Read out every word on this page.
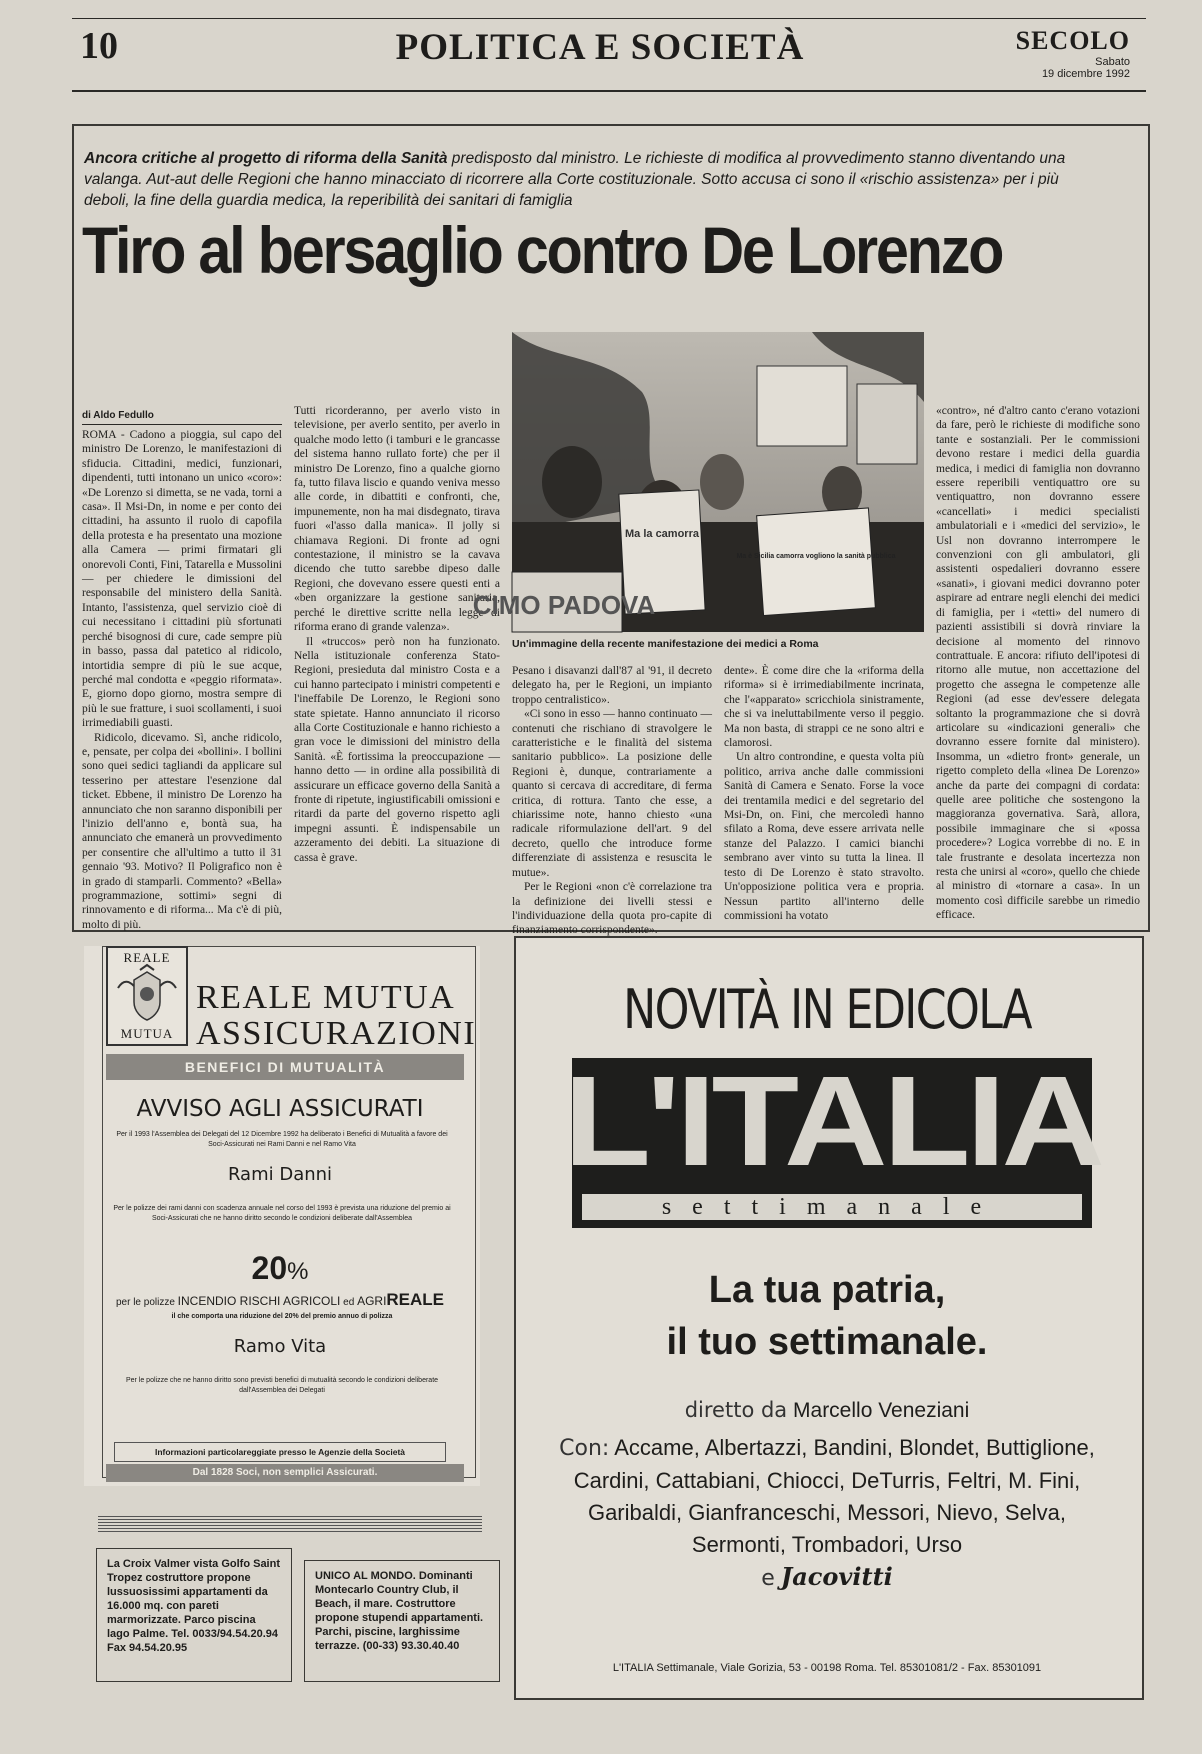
10	POLITICA E SOCIETÀ	SECOLO
Sabato
19 dicembre 1992
Ancora critiche al progetto di riforma della Sanità predisposto dal ministro. Le richieste di modifica al provvedimento stanno diventando una valanga. Aut-aut delle Regioni che hanno minacciato di ricorrere alla Corte costituzionale. Sotto accusa ci sono il «rischio assistenza» per i più deboli, la fine della guardia medica, la reperibilità dei sanitari di famiglia
Tiro al bersaglio contro De Lorenzo
di Aldo Fedullo

ROMA - Cadono a pioggia, sul capo del ministro De Lorenzo, le manifestazioni di sfiducia. Cittadini, medici, funzionari, dipendenti, tutti intonano un unico «coro»: «De Lorenzo si dimetta, se ne vada, torni a casa». Il Msi-Dn, in nome e per conto dei cittadini, ha assunto il ruolo di capofila della protesta e ha presentato una mozione alla Camera — primi firmatari gli onorevoli Conti, Fini, Tatarella e Mussolini — per chiedere le dimissioni del responsabile del ministero della Sanità. Intanto, l'assistenza, quel servizio cioè di cui necessitano i cittadini più sfortunati perché bisognosi di cure, cade sempre più in basso, passa dal patetico al ridicolo, intortidia sempre di più le sue acque, perché mal condotta e «peggio riformata». E, giorno dopo giorno, mostra sempre di più le sue fratture, i suoi scollamenti, i suoi irrimediabili guasti.

Ridicolo, dicevamo. Sì, anche ridicolo, e, pensate, per colpa dei «bollini». I bollini sono quei sedici tagliandi da applicare sul tesserino per attestare l'esenzione dal ticket. Ebbene, il ministro De Lorenzo ha annunciato che non saranno disponibili per l'inizio dell'anno e, bontà sua, ha annunciato che emanerà un provvedimento per consentire che all'ultimo a tutto il 31 gennaio '93. Motivo? Il Poligrafico non è in grado di stamparli. Commento? «Bella» programmazione, sottimi» segni di rinnovamento e di riforma... Ma c'è di più, molto di più.

Tutti ricorderanno, per averlo visto in televisione, per averlo sentito, per averlo in qualche modo letto (i tamburi e le grancasse del sistema hanno rullato forte) che per il ministro De Lorenzo, fino a qualche giorno fa, tutto filava liscio e quando veniva messo alle corde, in dibattiti e confronti, che, impunemente, non ha mai disdegnato, tirava fuori «l'asso dalla manica». Il jolly si chiamava Regioni. Di fronte ad ogni contestazione, il ministro se la cavava dicendo che tutto sarebbe dipeso dalle Regioni, che dovevano essere questi enti a «ben organizzare la gestione sanitaria, perché le direttive scritte nella legge di riforma erano di grande valenza».

Il «truccos» però non ha funzionato. Nella istituzionale conferenza Stato-Regioni, presieduta dal ministro Costa e a cui hanno partecipato i ministri competenti e l'ineffabile De Lorenzo, le Regioni sono state spietate. Hanno annunciato il ricorso alla Corte Costituzionale e hanno richiesto a gran voce le dimissioni del ministro della Sanità. «È fortissima la preoccupazione — hanno detto — in ordine alla possibilità di assicurare un efficace governo della Sanità a fronte di ripetute, ingiustificabili omissioni e ritardi da parte del governo rispetto agli impegni assunti. È indispensabile un azzeramento dei debiti. La situazione di cassa è grave.

Ma la camorra
Ma è Sicilia camorra vogliono la sanità pubblica
CIMO PADOVA
Un'immagine della recente manifestazione dei medici a Roma

Pesano i disavanzi dall'87 al '91, il decreto delegato ha, per le Regioni, un impianto troppo centralistico».

«Ci sono in esso — hanno continuato — contenuti che rischiano di stravolgere le caratteristiche e le finalità del sistema sanitario pubblico». La posizione delle Regioni è, dunque, contrariamente a quanto si cercava di accreditare, di ferma critica, di rottura. Tanto che esse, a chiarissime note, hanno chiesto «una radicale riformulazione dell'art. 9 del decreto, quello che introduce forme differenziate di assistenza e resuscita le mutue».

Per le Regioni «non c'è correlazione tra la definizione dei livelli stessi e l'individuazione della quota pro-capite di finanziamento corrispondente».

dente». È come dire che la «riforma della riforma» si è irrimediabilmente incrinata, che l'«apparato» scricchiola sinistramente, che si va ineluttabilmente verso il peggio. Ma non basta, di strappi ce ne sono altri e clamorosi.

Un altro controndine, e questa volta più politico, arriva anche dalle commissioni Sanità di Camera e Senato. Forse la voce dei trentamila medici e del segretario del Msi-Dn, on. Fini, che mercoledì hanno sfilato a Roma, deve essere arrivata nelle stanze del Palazzo. I camici bianchi sembrano aver vinto su tutta la linea. Il testo di De Lorenzo è stato stravolto. Un'opposizione politica vera e propria. Nessun partito all'interno delle commissioni ha votato

«contro», né d'altro canto c'erano votazioni da fare, però le richieste di modifiche sono tante e sostanziali. Per le commissioni devono restare i medici della guardia medica, i medici di famiglia non dovranno essere reperibili ventiquattro ore su ventiquattro, non dovranno essere «cancellati» i medici specialisti ambulatoriali e i «medici del servizio», le Usl non dovranno interrompere le convenzioni con gli ambulatori, gli assistenti ospedalieri dovranno essere «sanati», i giovani medici dovranno poter aspirare ad entrare negli elenchi dei medici di famiglia, per i «tetti» del numero di pazienti assistibili si dovrà rinviare la decisione al momento del rinnovo contrattuale. E ancora: rifiuto dell'ipotesi di ritorno alle mutue, non accettazione del progetto che assegna le competenze alle Regioni (ad esse dev'essere delegata soltanto la programmazione che si dovrà articolare su «indicazioni generali» che dovranno essere fornite dal ministero). Insomma, un «dietro front» generale, un rigetto completo della «linea De Lorenzo» anche da parte dei compagni di cordata: quelle aree politiche che sostengono la maggioranza governativa. Sarà, allora, possibile immaginare che si «possa procedere»? Logica vorrebbe di no. E in tale frustrante e desolata incertezza non resta che unirsi al «coro», quello che chiede al ministro di «tornare a casa». In un momento così difficile sarebbe un rimedio efficace.

REALE
MUTUA
REALE MUTUA
ASSICURAZIONI
BENEFICI DI MUTUALITÀ
AVVISO AGLI ASSICURATI
Per il 1993 l'Assemblea dei Delegati del 12 Dicembre 1992 ha deliberato i Benefici di Mutualità a favore dei Soci-Assicurati nei Rami Danni e nel Ramo Vita
Rami Danni
Per le polizze dei rami danni con scadenza annuale nel corso del 1993 è prevista una riduzione del premio ai Soci-Assicurati che ne hanno diritto secondo le condizioni deliberate dall'Assemblea
20%
per le polizze INCENDIO RISCHI AGRICOLI ed AGRIREALE
il che comporta una riduzione del 20% del premio annuo di polizza
Ramo Vita
Per le polizze che ne hanno diritto sono previsti benefici di mutualità secondo le condizioni deliberate dall'Assemblea dei Delegati
Informazioni particolareggiate presso le Agenzie della Società
Dal 1828 Soci, non semplici Assicurati.
La Croix Valmer vista Golfo Saint Tropez costruttore propone lussuosissimi appartamenti da 16.000 mq. con pareti marmorizzate. Parco piscina lago Palme. Tel. 0033/94.54.20.94 Fax 94.54.20.95
UNICO AL MONDO. Dominanti Montecarlo Country Club, il Beach, il mare. Costruttore propone stupendi appartamenti. Parchi, piscine, larghissime terrazze. (00-33) 93.30.40.40
NOVITÀ IN EDICOLA
L'ITALIA
settimanale
La tua patria,
il tuo settimanale.
diretto da Marcello Veneziani
Con: Accame, Albertazzi, Bandini, Blondet, Buttiglione, Cardini, Cattabiani, Chiocci, DeTurris, Feltri, M. Fini, Garibaldi, Gianfranceschi, Messori, Nievo, Selva, Sermonti, Trombadori, Urso
e Jacovitti
L'ITALIA Settimanale, Viale Gorizia, 53 - 00198 Roma. Tel. 85301081/2 - Fax. 85301091
